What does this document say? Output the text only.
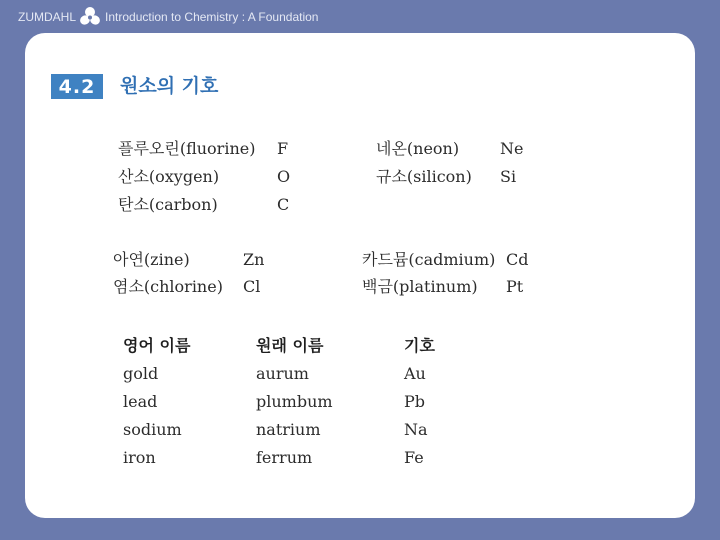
ZUMDAHL Introduction to Chemistry : A Foundation
4.2	원소의 기호
플루오린(fluorine) F	네온(neon)	Ne
산소(oxygen)	O	규소(silicon) Si
탄소(carbon)	C
아연(zine)	Zn	카드뮴(cadmium) Cd
염소(chlorine) Cl	백금(platinum) Pt
영어 이름	원래 이름	기호
gold	aurum	Au
lead	plumbum	Pb
sodium	natrium	Na
iron	ferrum	Fe
